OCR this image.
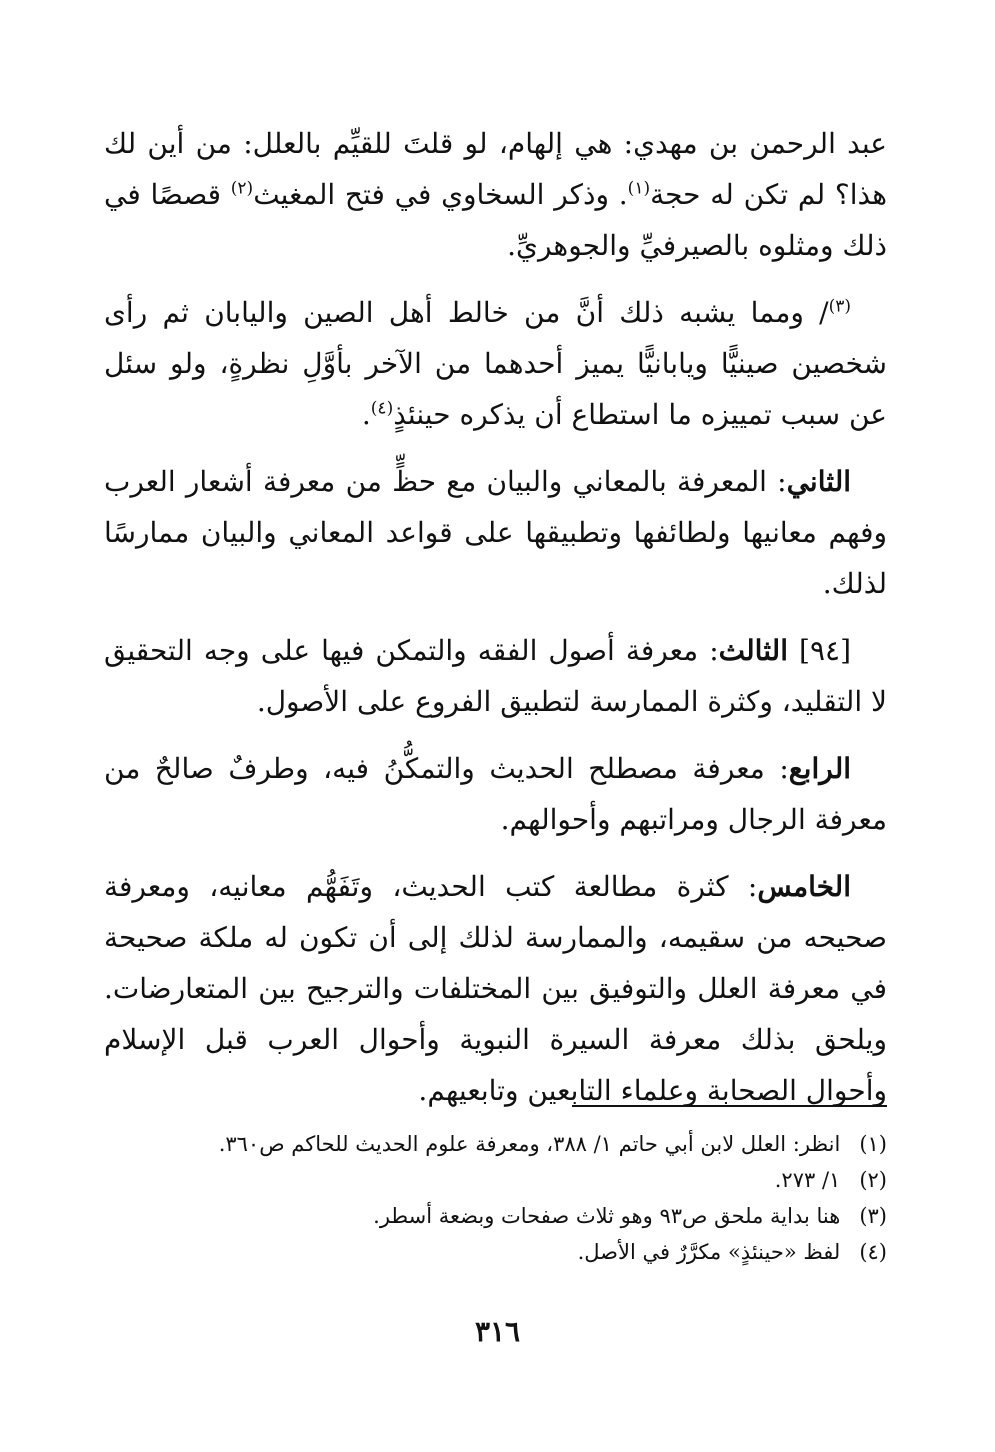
عبد الرحمن بن مهدي: هي إلهام، لو قلتَ للقيِّم بالعلل: من أين لك هذا؟ لم تكن له حجة$^{(١)}$. وذكر السخاوي في فتح المغيث$^{(٢)}$ قصصًا في ذلك ومثلوه بالصيرفيِّ والجوهريِّ.

$^{(٣)}$/ ومما يشبه ذلك أنَّ من خالط أهل الصين واليابان ثم رأى شخصين صينيًّا ويابانيًّا يميز أحدهما من الآخر بأوَّلِ نظرةٍ، ولو سئل عن سبب تمييزه ما استطاع أن يذكره حينئذٍ$^{(٤)}$.

الثاني: المعرفة بالمعاني والبيان مع حظٍّ من معرفة أشعار العرب وفهم معانيها ولطائفها وتطبيقها على قواعد المعاني والبيان ممارسًا لذلك.

[٩٤] الثالث: معرفة أصول الفقه والتمكن فيها على وجه التحقيق لا التقليد، وكثرة الممارسة لتطبيق الفروع على الأصول.

الرابع: معرفة مصطلح الحديث والتمكُّنُ فيه، وطرفٌ صالحٌ من معرفة الرجال ومراتبهم وأحوالهم.

الخامس: كثرة مطالعة كتب الحديث، وتَفَهُّم معانيه، ومعرفة صحيحه من سقيمه، والممارسة لذلك إلى أن تكون له ملكة صحيحة في معرفة العلل والتوفيق بين المختلفات والترجيح بين المتعارضات. ويلحق بذلك معرفة السيرة النبوية وأحوال العرب قبل الإسلام وأحوال الصحابة وعلماء التابعين وتابعيهم.

(١) انظر: العلل لابن أبي حاتم ١/ ٣٨٨، ومعرفة علوم الحديث للحاكم ص٣٦٠.

(٢) ١/ ٢٧٣.

(٣) هنا بداية ملحق ص٩٣ وهو ثلاث صفحات وبضعة أسطر.

(٤) لفظ «حينئذٍ» مكرَّرٌ في الأصل.

٣١٦
